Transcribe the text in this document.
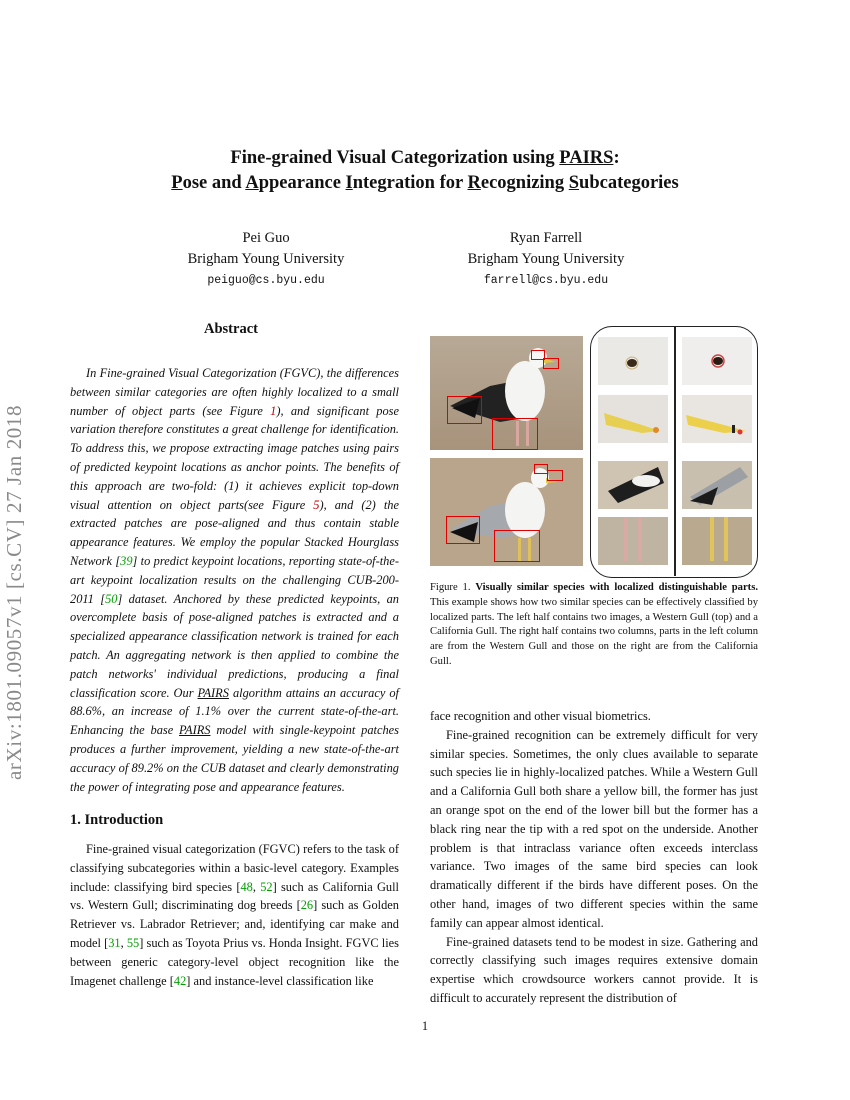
Fine-grained Visual Categorization using PAIRS:
Pose and Appearance Integration for Recognizing Subcategories
Pei Guo
Brigham Young University
peiguo@cs.byu.edu
Ryan Farrell
Brigham Young University
farrell@cs.byu.edu
arXiv:1801.09057v1 [cs.CV] 27 Jan 2018
Abstract
In Fine-grained Visual Categorization (FGVC), the differences between similar categories are often highly localized to a small number of object parts (see Figure 1), and significant pose variation therefore constitutes a great challenge for identification. To address this, we propose extracting image patches using pairs of predicted keypoint locations as anchor points. The benefits of this approach are two-fold: (1) it achieves explicit top-down visual attention on object parts(see Figure 5), and (2) the extracted patches are pose-aligned and thus contain stable appearance features. We employ the popular Stacked Hourglass Network [39] to predict keypoint locations, reporting state-of-the-art keypoint localization results on the challenging CUB-200-2011 [50] dataset. Anchored by these predicted keypoints, an overcomplete basis of pose-aligned patches is extracted and a specialized appearance classification network is trained for each patch. An aggregating network is then applied to combine the patch networks' individual predictions, producing a final classification score. Our PAIRS algorithm attains an accuracy of 88.6%, an increase of 1.1% over the current state-of-the-art. Enhancing the base PAIRS model with single-keypoint patches produces a further improvement, yielding a new state-of-the-art accuracy of 89.2% on the CUB dataset and clearly demonstrating the power of integrating pose and appearance features.
1. Introduction

Fine-grained visual categorization (FGVC) refers to the task of classifying subcategories within a basic-level category. Examples include: classifying bird species [48, 52] such as California Gull vs. Western Gull; discriminating dog breeds [26] such as Golden Retriever vs. Labrador Retriever; and, identifying car make and model [31, 55] such as Toyota Prius vs. Honda Insight. FGVC lies between generic category-level object recognition like the Imagenet challenge [42] and instance-level classification like

Figure 1. Visually similar species with localized distinguishable parts. This example shows how two similar species can be effectively classified by localized parts. The left half contains two images, a Western Gull (top) and a California Gull. The right half contains two columns, parts in the left column are from the Western Gull and those on the right are from the California Gull.

face recognition and other visual biometrics.

Fine-grained recognition can be extremely difficult for very similar species. Sometimes, the only clues available to separate such species lie in highly-localized patches. While a Western Gull and a California Gull both share a yellow bill, the former has just an orange spot on the end of the lower bill but the former has a black ring near the tip with a red spot on the underside. Another problem is that intraclass variance often exceeds interclass variance. Two images of the same bird species can look dramatically different if the birds have different poses. On the other hand, images of two different species within the same family can appear almost identical.

Fine-grained datasets tend to be modest in size. Gathering and correctly classifying such images requires extensive domain expertise which crowdsource workers cannot provide. It is difficult to accurately represent the distribution of

1
